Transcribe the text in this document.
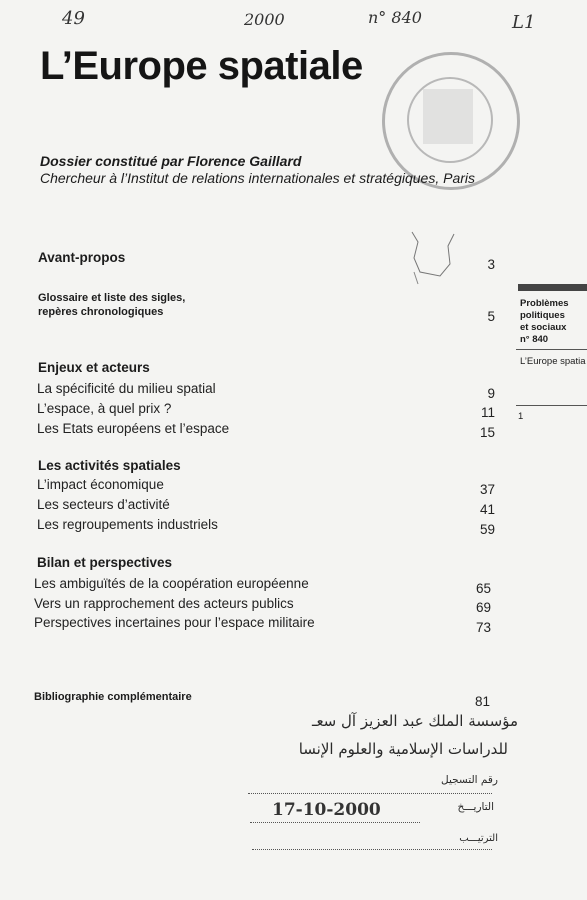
49	2000	n° 840	L1
L’Europe spatiale
Dossier constitué par Florence Gaillard
Chercheur à l’Institut de relations internationales et stratégiques, Paris
Avant-propos	3
Glossaire et liste des sigles,
repères chronologiques	5
Enjeux et acteurs
La spécificité du milieu spatial	9
L’espace, à quel prix ?	11
Les Etats européens et l’espace	15
Les activités spatiales
L’impact économique	37
Les secteurs d’activité	41
Les regroupements industriels	59
Bilan et perspectives
Les ambiguïtés de la coopération européenne	65
Vers un rapprochement des acteurs publics	69
Perspectives incertaines pour l’espace militaire	73
Bibliographie complémentaire	81
Problèmes
politiques
et sociaux
n° 840
L’Europe spatia
1
مؤسسة الملك عبد العزيز آل سعـ
للدراسات الإسلامية والعلوم الإنسا
رقم التسجيل
التاريـــخ
17-10-2000
الترتيـــب
